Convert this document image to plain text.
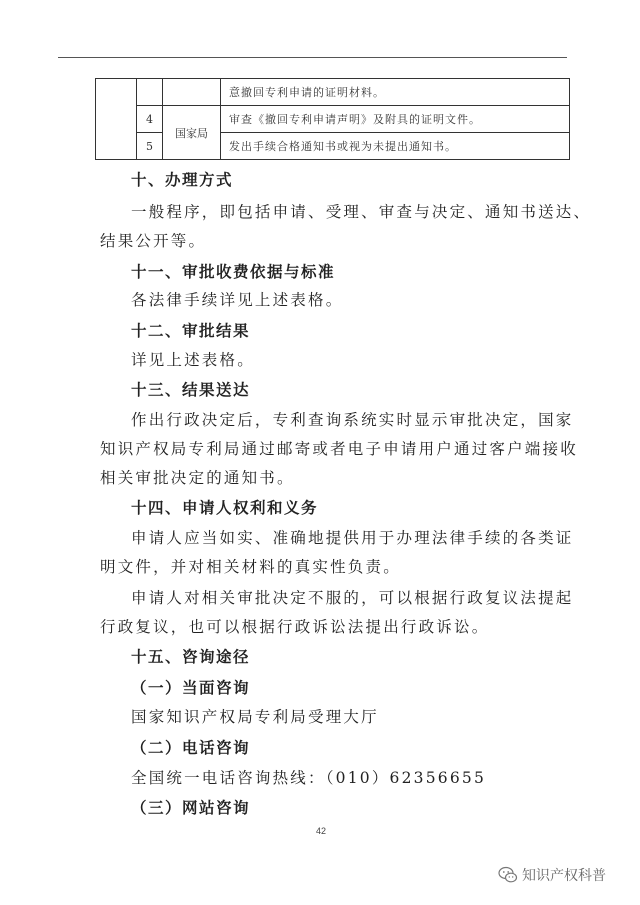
			意撤回专利申请的证明材料。
	4	国家局	审查《撤回专利申请声明》及附具的证明文件。
	5		发出手续合格通知书或视为未提出通知书。
十、办理方式
一般程序，即包括申请、受理、审查与决定、通知书送达、
结果公开等。
十一、审批收费依据与标准
各法律手续详见上述表格。
十二、审批结果
详见上述表格。
十三、结果送达
作出行政决定后，专利查询系统实时显示审批决定，国家
知识产权局专利局通过邮寄或者电子申请用户通过客户端接收
相关审批决定的通知书。
十四、申请人权利和义务
申请人应当如实、准确地提供用于办理法律手续的各类证
明文件，并对相关材料的真实性负责。
申请人对相关审批决定不服的，可以根据行政复议法提起
行政复议，也可以根据行政诉讼法提出行政诉讼。
十五、咨询途径
（一）当面咨询
国家知识产权局专利局受理大厅
（二）电话咨询
全国统一电话咨询热线：（010）62356655
（三）网站咨询
42
知识产权科普
